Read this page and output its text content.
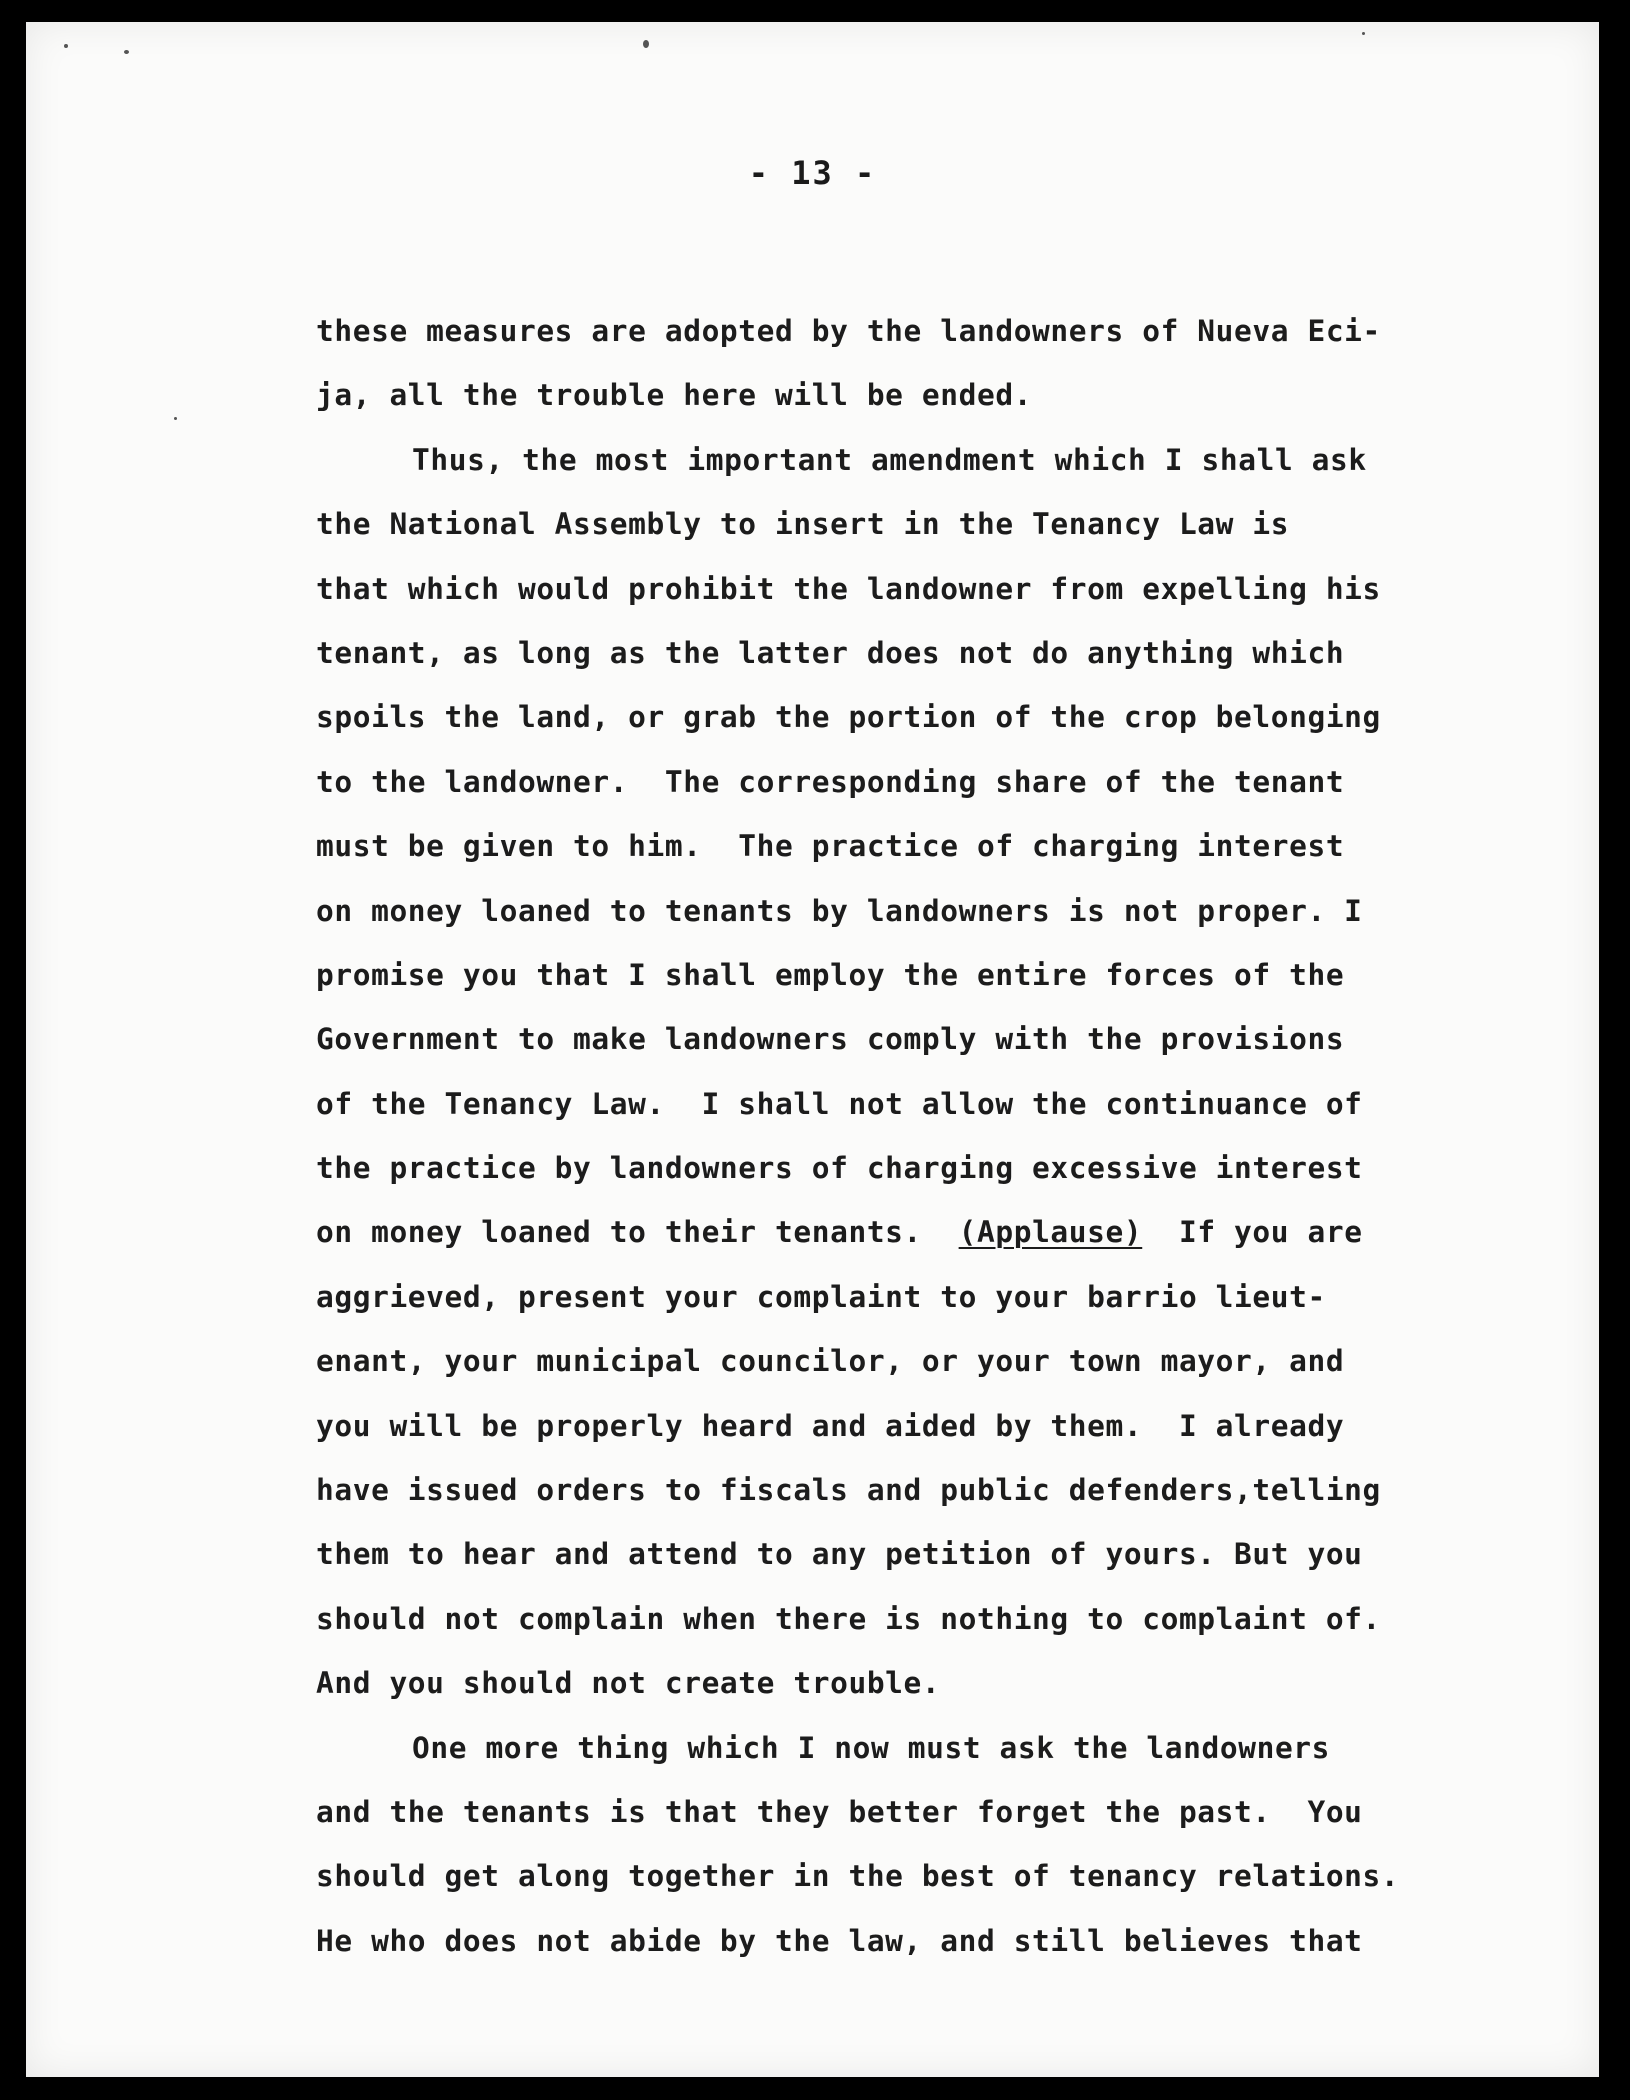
- 13 -
these measures are adopted by the landowners of Nueva Eci-
ja, all the trouble here will be ended.
Thus, the most important amendment which I shall ask
the National Assembly to insert in the Tenancy Law is
that which would prohibit the landowner from expelling his
tenant, as long as the latter does not do anything which
spoils the land, or grab the portion of the crop belonging
to the landowner.  The corresponding share of the tenant
must be given to him.  The practice of charging interest
on money loaned to tenants by landowners is not proper. I
promise you that I shall employ the entire forces of the
Government to make landowners comply with the provisions
of the Tenancy Law.  I shall not allow the continuance of
the practice by landowners of charging excessive interest
on money loaned to their tenants.  (Applause)  If you are
aggrieved, present your complaint to your barrio lieut-
enant, your municipal councilor, or your town mayor, and
you will be properly heard and aided by them.  I already
have issued orders to fiscals and public defenders,telling
them to hear and attend to any petition of yours. But you
should not complain when there is nothing to complaint of.
And you should not create trouble.
One more thing which I now must ask the landowners
and the tenants is that they better forget the past.  You
should get along together in the best of tenancy relations.
He who does not abide by the law, and still believes that
